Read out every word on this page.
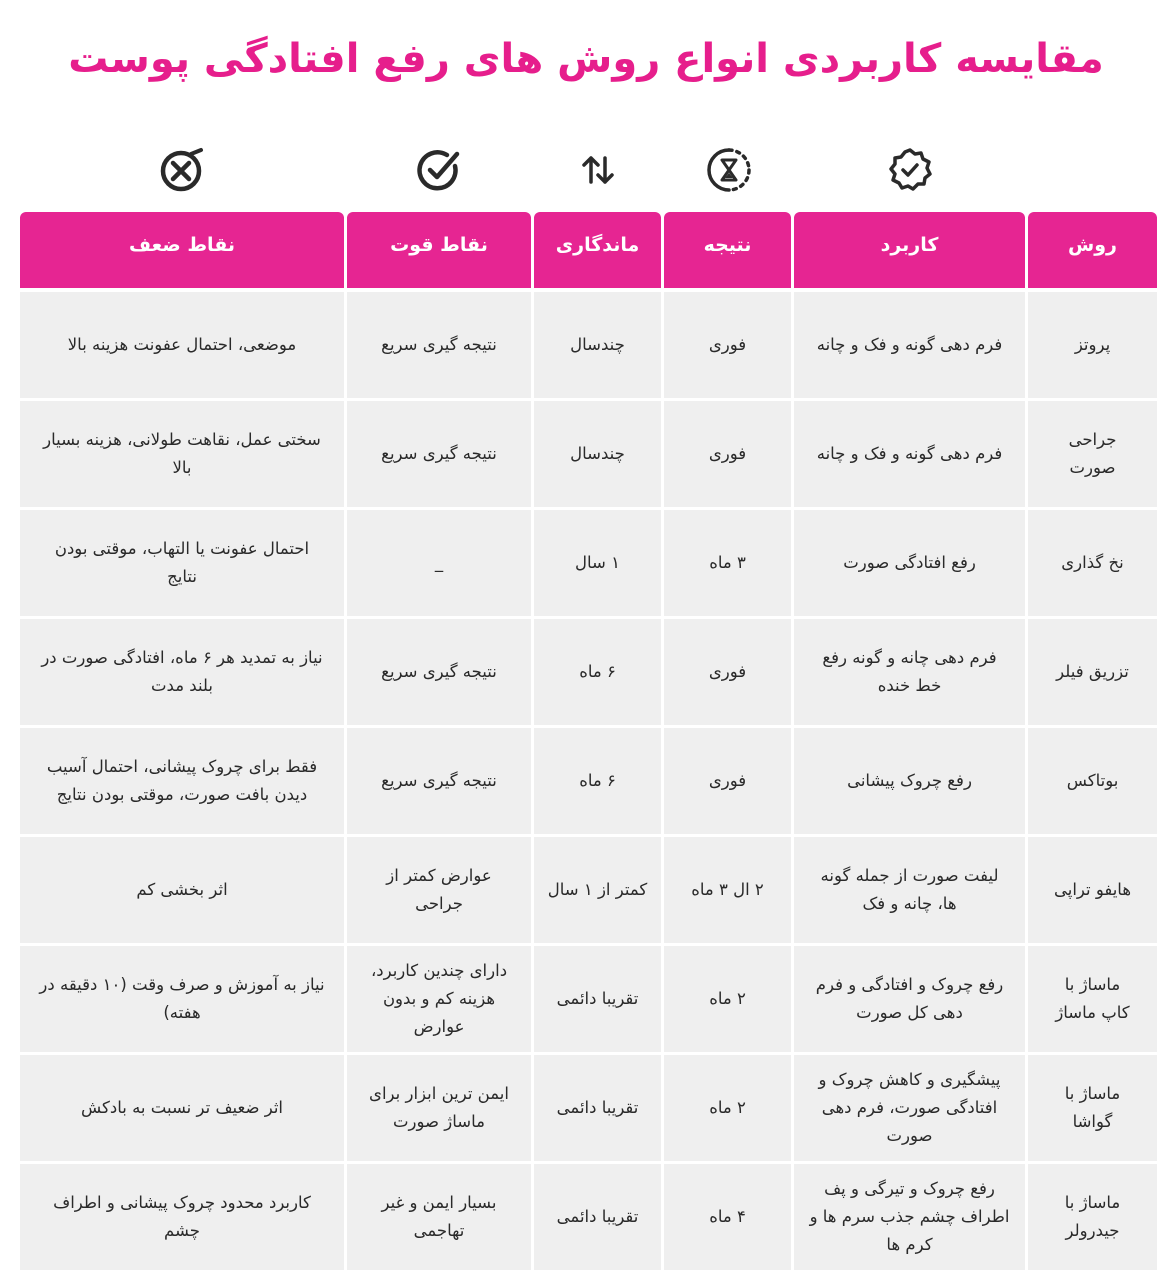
مقایسه کاربردی انواع روش های رفع افتادگی پوست
روش
کاربرد
نتیجه
ماندگاری
نقاط قوت
نقاط ضعف
پروتز
فرم دهی گونه و فک و چانه
فوری
چندسال
نتیجه گیری سریع
موضعی، احتمال عفونت هزینه بالا
جراحی صورت
فرم دهی گونه و فک و چانه
فوری
چندسال
نتیجه گیری سریع
سختی عمل، نقاهت طولانی، هزینه بسیار بالا
نخ گذاری
رفع افتادگی صورت
۳ ماه
۱ سال
_
احتمال عفونت یا التهاب، موقتی بودن نتایج
تزریق فیلر
فرم دهی چانه و گونه رفع خط خنده
فوری
۶ ماه
نتیجه گیری سریع
نیاز به تمدید هر ۶ ماه، افتادگی صورت در بلند مدت
بوتاکس
رفع چروک پیشانی
فوری
۶ ماه
نتیجه گیری سریع
فقط برای چروک پیشانی، احتمال آسیب دیدن بافت صورت، موقتی بودن نتایج
هایفو تراپی
لیفت صورت از جمله گونه ها، چانه و فک
۲ ال ۳ ماه
کمتر از ۱ سال
عوارض کمتر از جراحی
اثر بخشی کم
ماساژ با کاپ ماساژ
رفع چروک و افتادگی و فرم دهی کل صورت
۲ ماه
تقریبا دائمی
دارای چندین کاربرد، هزینه کم و بدون عوارض
نیاز به آموزش و صرف وقت (۱۰ دقیقه در هفته)
ماساژ با گواشا
پیشگیری و کاهش چروک و افتادگی صورت، فرم دهی صورت
۲ ماه
تقریبا دائمی
ایمن ترین ابزار برای ماساژ صورت
اثر ضعیف تر نسبت به بادکش
ماساژ با جیدرولر
رفع چروک و تیرگی و پف اطراف چشم جذب سرم ها و کرم ها
۴ ماه
تقریبا دائمی
بسیار ایمن و غیر تهاجمی
کاربرد محدود چروک پیشانی و اطراف چشم
